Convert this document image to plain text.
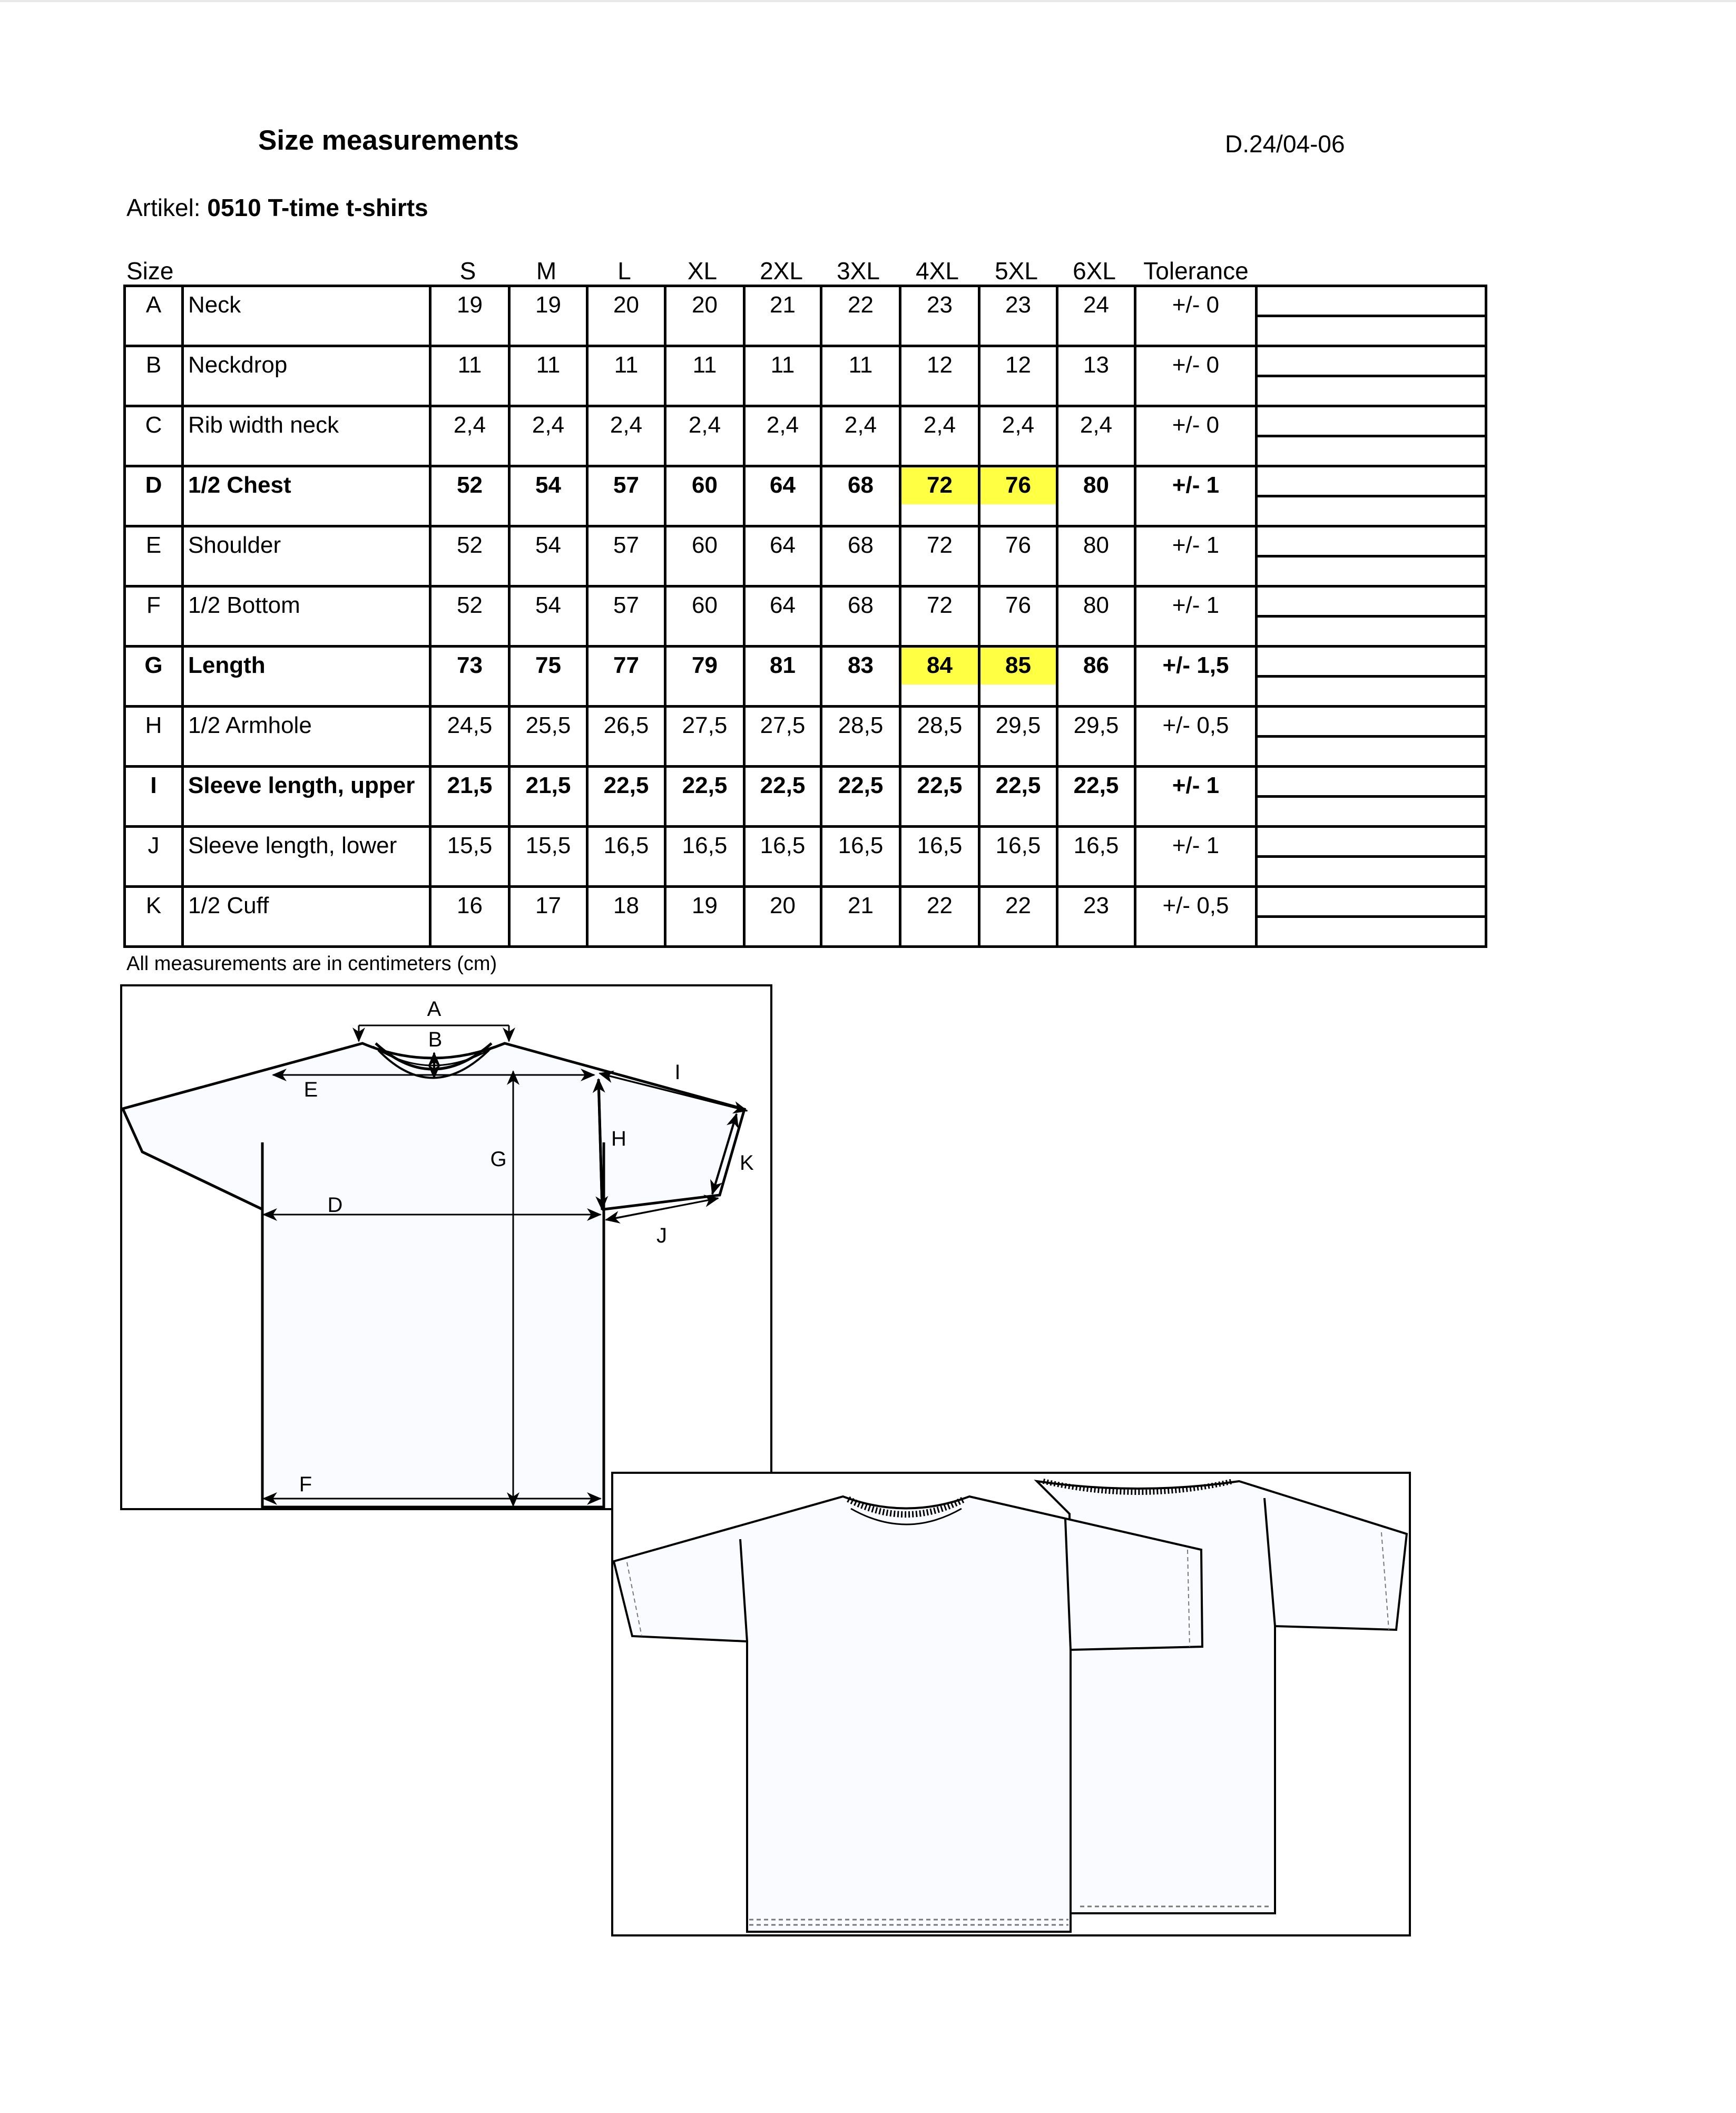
Size measurements	D.24/04-06
Artikel: 0510 T-time t-shirts
Size	S	M	L	XL	2XL	3XL	4XL	5XL	6XL	Tolerance
A	Neck	19	19	20	20	21	22	23	23	24	+/- 0	

B	Neckdrop	11	11	11	11	11	11	12	12	13	+/- 0	

C	Rib width neck	2,4	2,4	2,4	2,4	2,4	2,4	2,4	2,4	2,4	+/- 0	

D	1/2 Chest	52	54	57	60	64	68	72	76	80	+/- 1	

E	Shoulder	52	54	57	60	64	68	72	76	80	+/- 1	

F	1/2 Bottom	52	54	57	60	64	68	72	76	80	+/- 1	

G	Length	73	75	77	79	81	83	84	85	86	+/- 1,5	

H	1/2 Armhole	24,5	25,5	26,5	27,5	27,5	28,5	28,5	29,5	29,5	+/- 0,5	

I	Sleeve length, upper	21,5	21,5	22,5	22,5	22,5	22,5	22,5	22,5	22,5	+/- 1	

J	Sleeve length, lower	15,5	15,5	16,5	16,5	16,5	16,5	16,5	16,5	16,5	+/- 1	

K	1/2 Cuff	16	17	18	19	20	21	22	22	23	+/- 0,5	
All measurements are in centimeters (cm)
A
B
E
I
H
G
D
J
K
F
